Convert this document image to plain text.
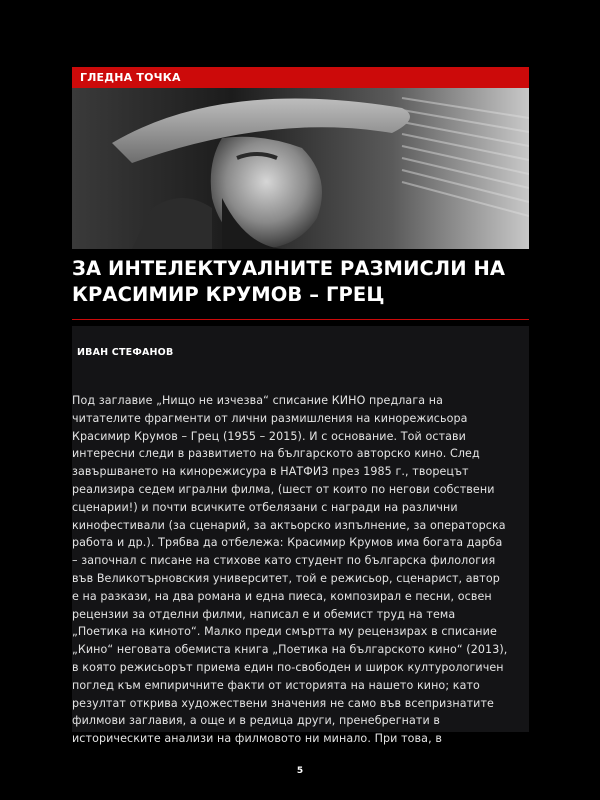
ГЛЕДНА ТОЧКА
ЗА ИНТЕЛЕКТУАЛНИТЕ РАЗМИСЛИ НА
КРАСИМИР КРУМОВ – ГРЕЦ

ИВАН СТЕФАНОВ

Под заглавие „Нищо не изчезва“ списание КИНО предлага на
читателите фрагменти от лични размишления на кинорежисьора
Красимир Крумов – Грец (1955 – 2015). И с основание. Той остави
интересни следи в развитието на българското авторско кино. След
завършването на кинорежисура в НАТФИЗ през 1985 г., творецът
реализира седем игрални филма, (шест от които по негови собствени
сценарии!) и почти всичките отбелязани с награди на различни
кинофестивали (за сценарий, за актьорско изпълнение, за операторска
работа и др.). Трябва да отбележа: Красимир Крумов има богата дарба
– започнал с писане на стихове като студент по българска филология
във Великотърновския университет, той е режисьор, сценарист, автор
е на разкази, на два романа и една пиеса, композирал е песни, освен
рецензии за отделни филми, написал е и обемист труд на тема
„Поетика на киното“. Малко преди смъртта му рецензирах в списание
„Кино“ неговата обемиста книга „Поетика на българското кино“ (2013),
в която режисьорът приема един по-свободен и широк културологичен
поглед към емпиричните факти от историята на нашето кино; като
резултат открива художествени значения не само във всепризнатите
филмови заглавия, а още и в редица други, пренебрегнати в
историческите анализи на филмовото ни минало. При това, в

5
